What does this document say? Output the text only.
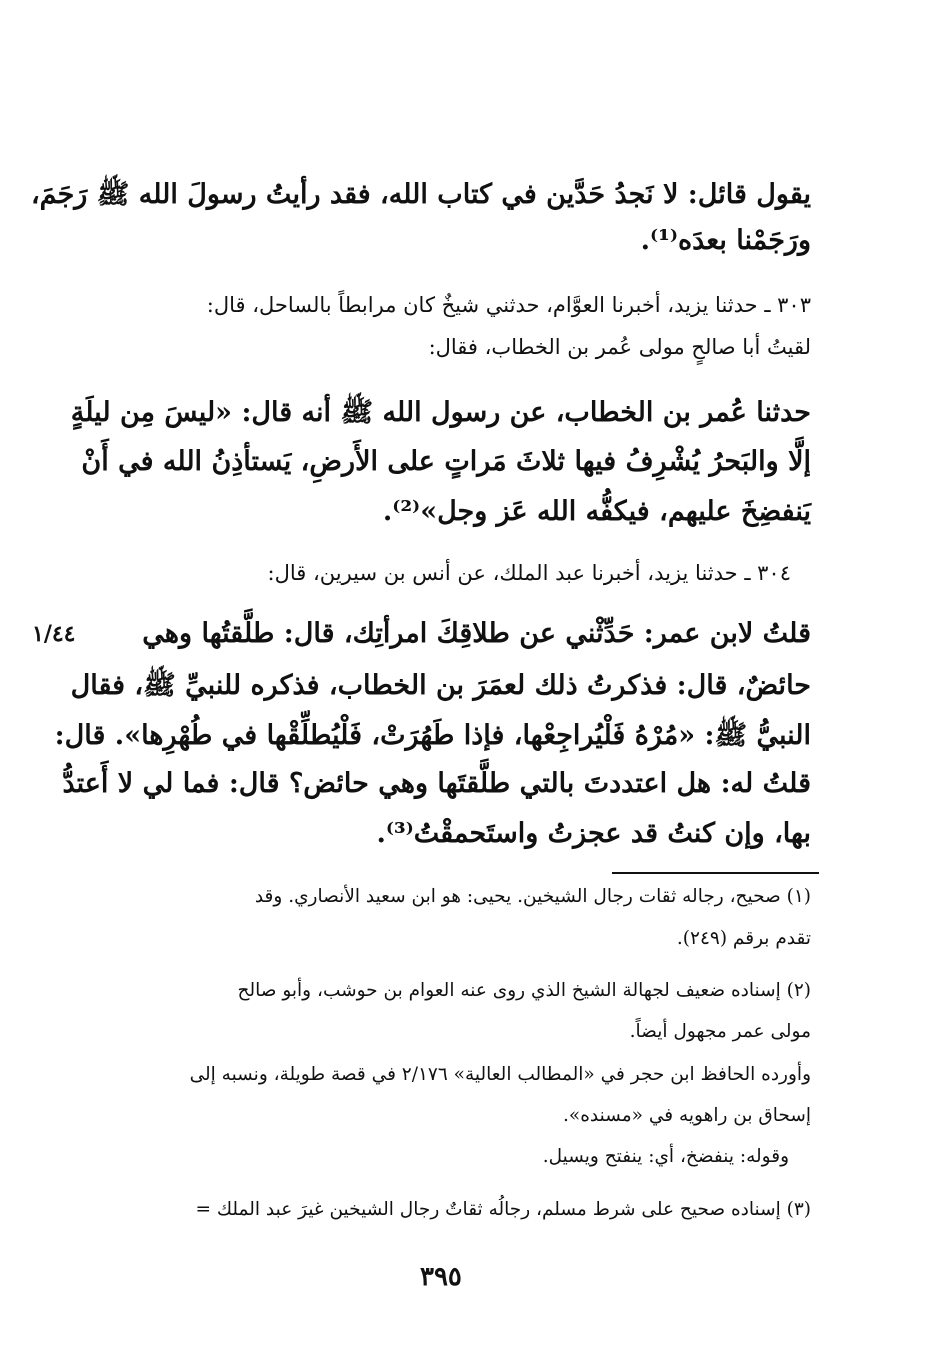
يقول قائل: لا نَجدُ حَدَّين في كتاب الله، فقد رأيتُ رسولَ الله ﷺ رَجَمَ،
ورَجَمْنا بعدَه⁽¹⁾.
٣٠٣ ـ حدثنا يزيد، أخبرنا العوَّام، حدثني شيخٌ كان مرابطاً بالساحل، قال:
لقيتُ أبا صالحٍ مولى عُمر بن الخطاب، فقال:
حدثنا عُمر بن الخطاب، عن رسول الله ﷺ أنه قال: «ليسَ مِن ليلَةٍ
إلَّا والبَحرُ يُشْرِفُ فيها ثلاثَ مَراتٍ على الأَرضِ، يَستأذِنُ الله في أَنْ
يَنفضِخَ عليهم، فيكفُّه الله عَز وجل»⁽²⁾.
٣٠٤ ـ حدثنا يزيد، أخبرنا عبد الملك، عن أنس بن سيرين، قال:
١/٤٤ قلتُ لابن عمر: حَدِّثْني عن طلاقِكَ امرأتِك، قال: طلَّقتُها وهي
حائضٌ، قال: فذكرتُ ذلك لعمَرَ بن الخطاب، فذكره للنبيِّ ﷺ، فقال
النبيُّ ﷺ: «مُرْهُ فَلْيُراجِعْها، فإذا طَهُرَتْ، فَلْيُطلِّقْها في طُهْرِها». قال:
قلتُ له: هل اعتددتَ بالتي طلَّقتَها وهي حائض؟ قال: فما لي لا أَعتدُّ
بها، وإن كنتُ قد عجزتُ واستَحمقْتُ⁽³⁾.
(١) صحيح، رجاله ثقات رجال الشيخين. يحيى: هو ابن سعيد الأنصاري. وقد
تقدم برقم (٢٤٩).
(٢) إسناده ضعيف لجهالة الشيخ الذي روى عنه العوام بن حوشب، وأبو صالح
مولى عمر مجهول أيضاً.
وأورده الحافظ ابن حجر في «المطالب العالية» ٢/١٧٦ في قصة طويلة، ونسبه إلى
إسحاق بن راهويه في «مسنده».
وقوله: ينفضخ، أي: ينفتح ويسيل.
(٣) إسناده صحيح على شرط مسلم، رجالُه ثقاتٌ رجال الشيخين غيرَ عبد الملك =
٣٩٥
